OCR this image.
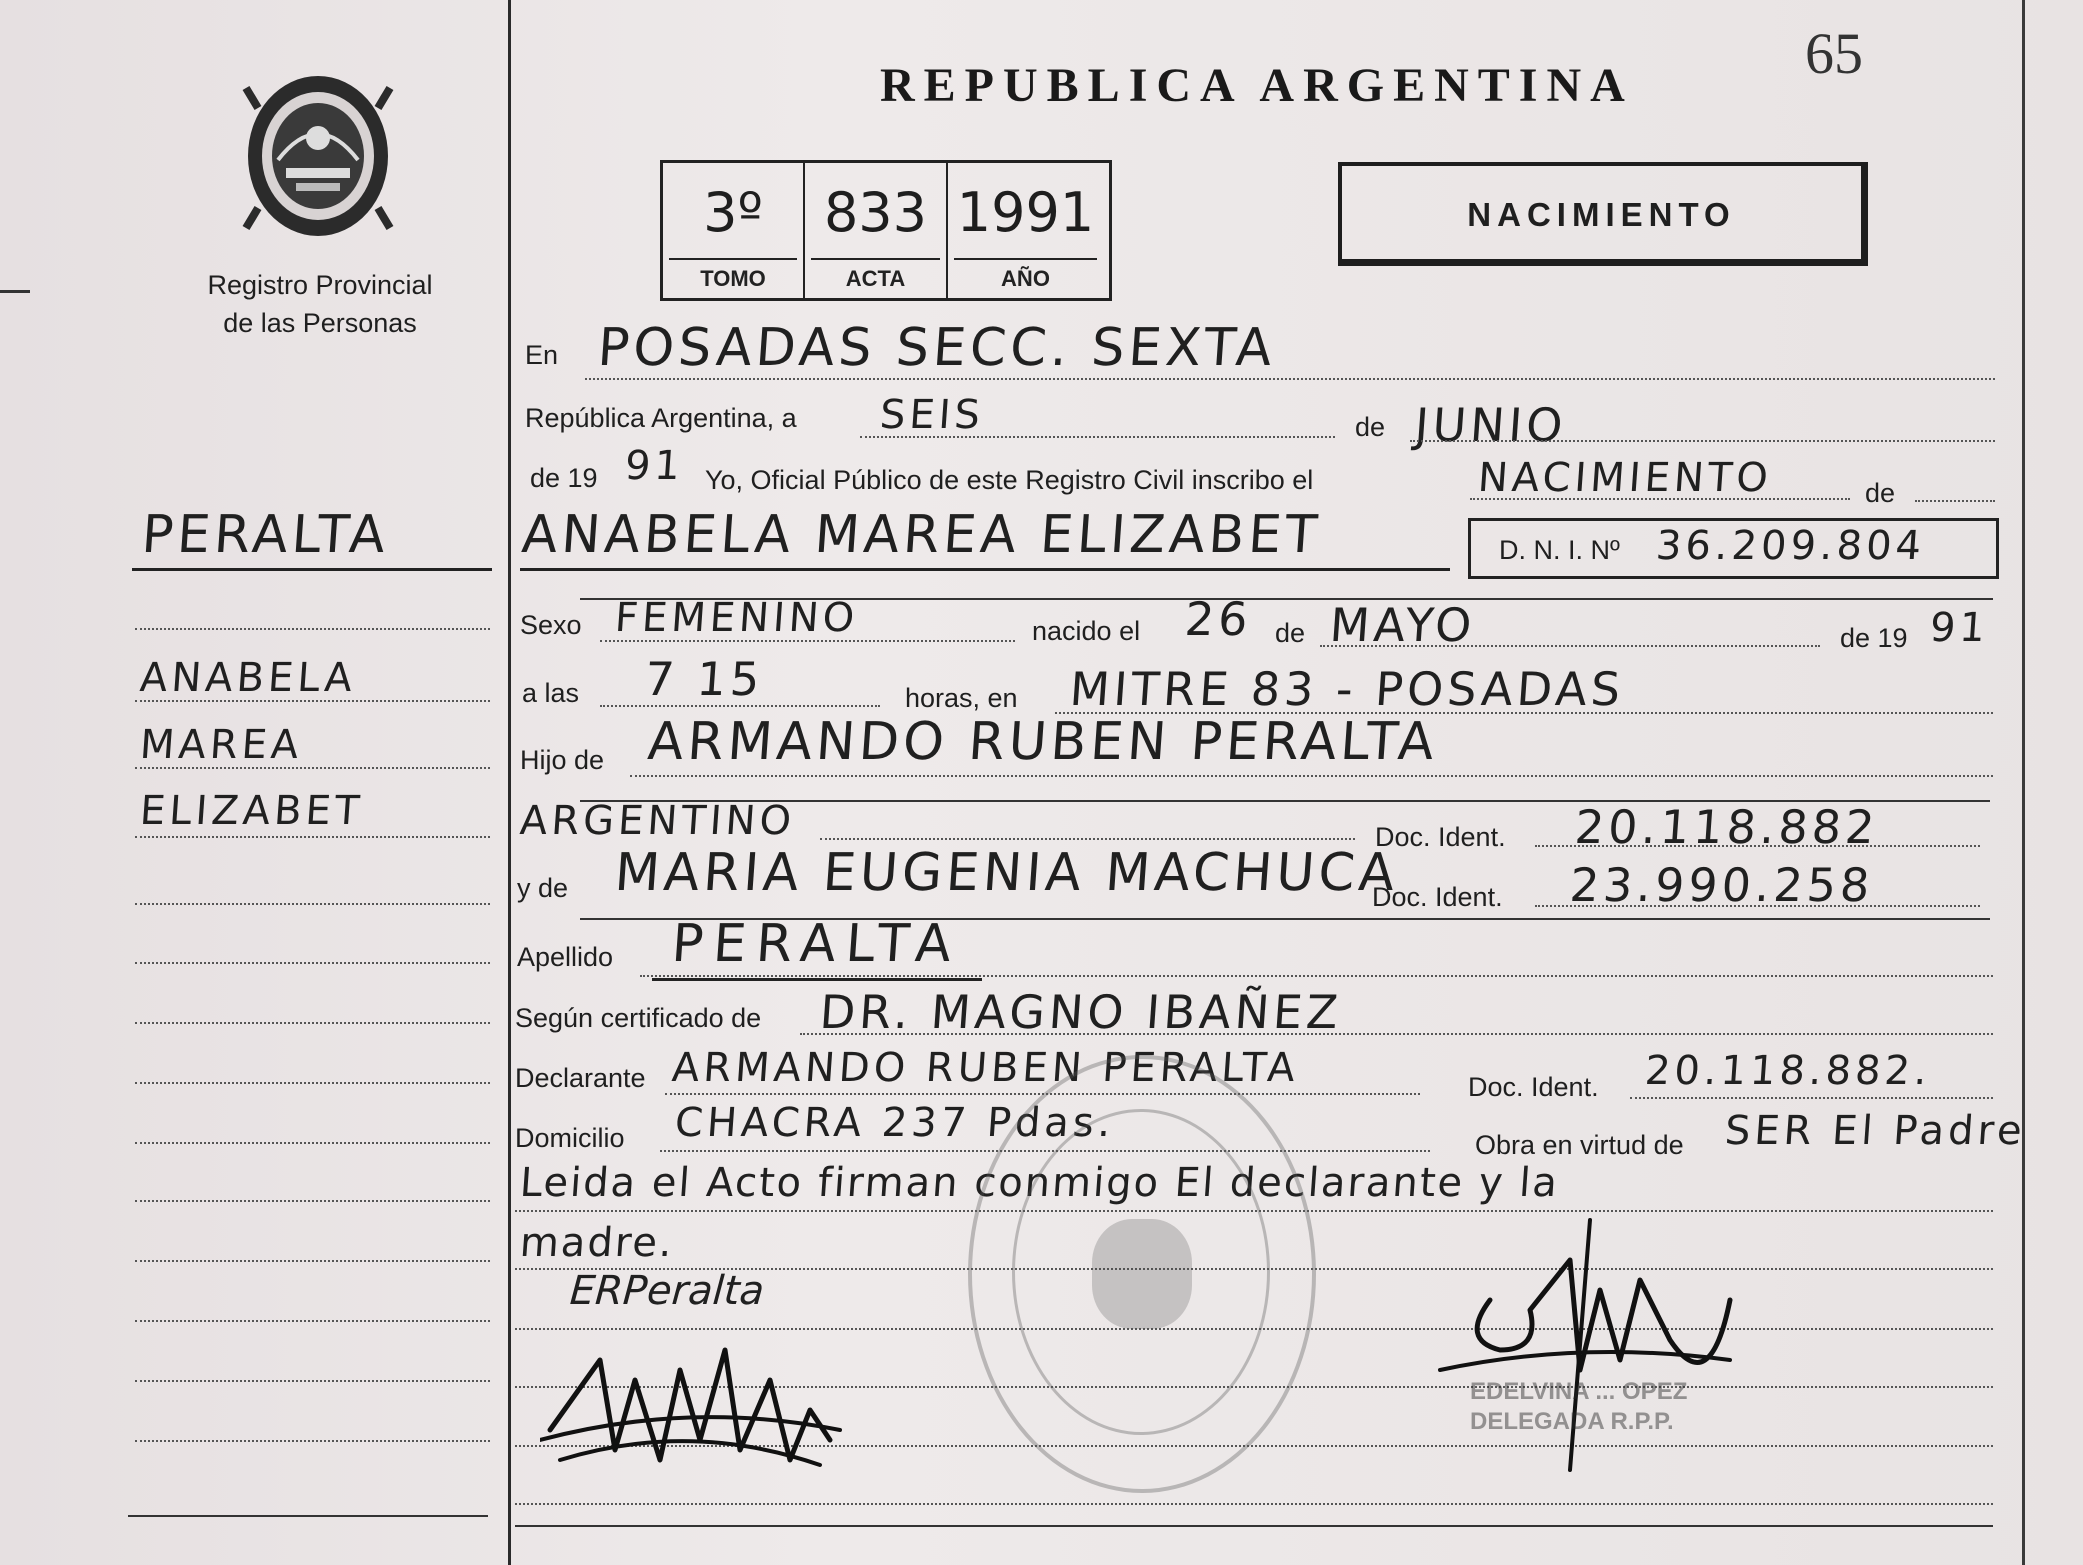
65
Registro Provincial
de las Personas
REPUBLICA ARGENTINA
3º
TOMO
833
ACTA
1991
AÑO
NACIMIENTO
PERALTA
ANABELA
MAREA
ELIZABET
En POSADAS SECC. SEXTA
República Argentina, a SEIS	de JUNIO
de 19 91 Yo, Oficial Público de este Registro Civil inscribo el	NACIMIENTO	de
ANABELA MAREA ELIZABET	D. N. I. Nº 36.209.804
Sexo FEMENINO	nacido el 26 de MAYO	de 19 91
a las 7 15	horas, en MITRE 83 - POSADAS
Hijo de ARMANDO RUBEN PERALTA
ARGENTINO	Doc. Ident. 20.118.882
y de MARIA EUGENIA MACHUCA
Doc. Ident. 23.990.258
Apellido PERALTA
Según certificado de DR. MAGNO IBAÑEZ
Declarante ARMANDO RUBEN PERALTA	Doc. Ident. 20.118.882.
Domicilio CHACRA 237 Pdas.	Obra en virtud de SER El Padre
Leida el Acto firman conmigo El declarante y la
madre.
ERPeralta
EDELVINA ... OPEZ
DELEGADA R.P.P.
